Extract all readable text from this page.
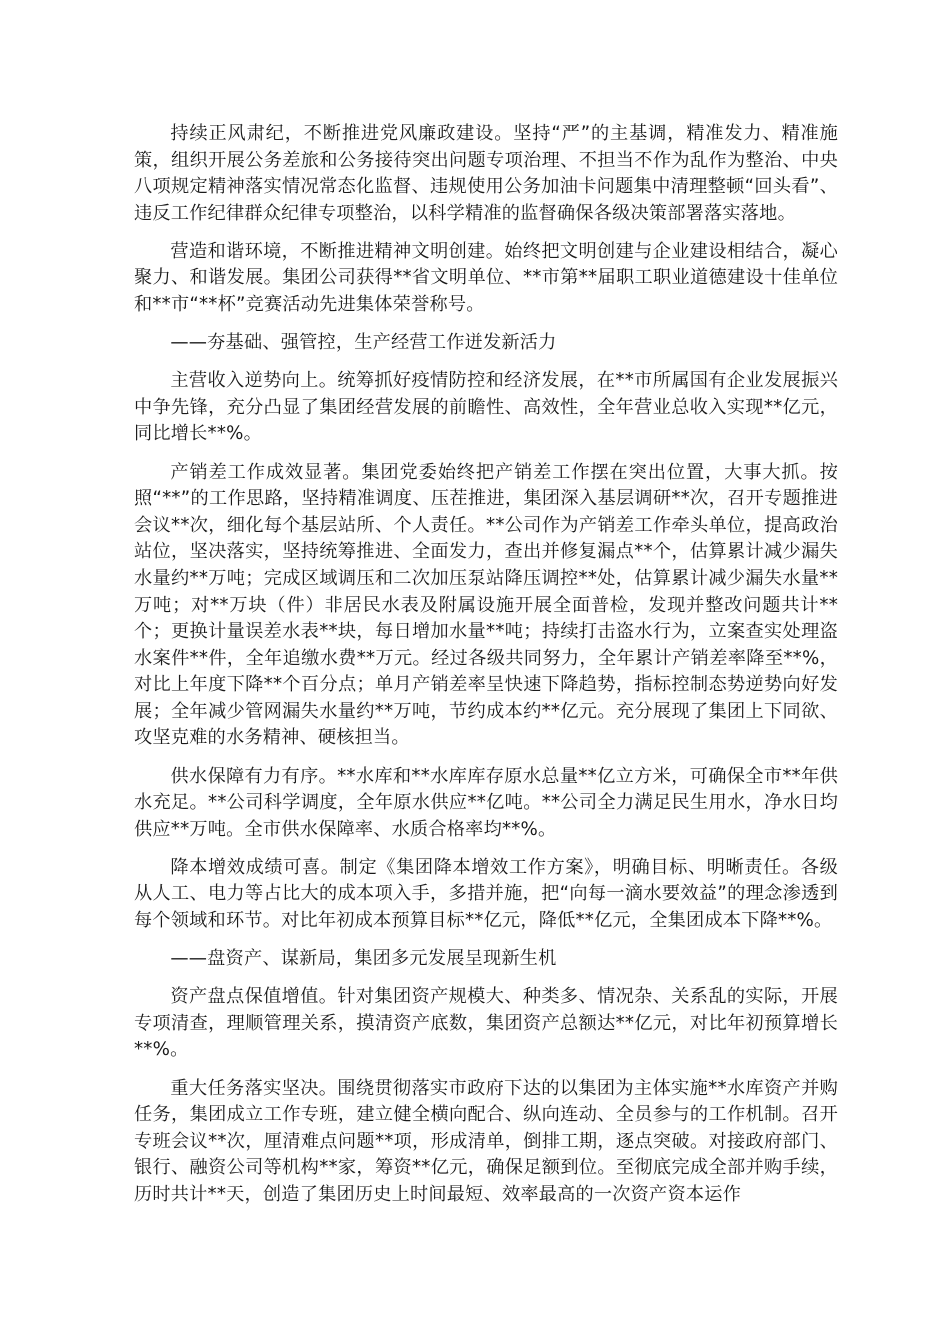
持续正风肃纪，不断推进党风廉政建设。坚持“严”的主基调，精准发力、精准施策，组织开展公务差旅和公务接待突出问题专项治理、不担当不作为乱作为整治、中央八项规定精神落实情况常态化监督、违规使用公务加油卡问题集中清理整顿“回头看”、违反工作纪律群众纪律专项整治，以科学精准的监督确保各级决策部署落实落地。

营造和谐环境，不断推进精神文明创建。始终把文明创建与企业建设相结合，凝心聚力、和谐发展。集团公司获得**省文明单位、**市第**届职工职业道德建设十佳单位和**市“**杯”竞赛活动先进集体荣誉称号。

——夯基础、强管控，生产经营工作迸发新活力

主营收入逆势向上。统筹抓好疫情防控和经济发展，在**市所属国有企业发展振兴中争先锋，充分凸显了集团经营发展的前瞻性、高效性，全年营业总收入实现**亿元，同比增长**%。

产销差工作成效显著。集团党委始终把产销差工作摆在突出位置，大事大抓。按照“**”的工作思路，坚持精准调度、压茬推进，集团深入基层调研**次，召开专题推进会议**次，细化每个基层站所、个人责任。**公司作为产销差工作牵头单位，提高政治站位，坚决落实，坚持统筹推进、全面发力，查出并修复漏点**个，估算累计减少漏失水量约**万吨；完成区域调压和二次加压泵站降压调控**处，估算累计减少漏失水量**万吨；对**万块（件）非居民水表及附属设施开展全面普检，发现并整改问题共计**个；更换计量误差水表**块，每日增加水量**吨；持续打击盗水行为，立案查实处理盗水案件**件，全年追缴水费**万元。经过各级共同努力，全年累计产销差率降至**%，对比上年度下降**个百分点；单月产销差率呈快速下降趋势，指标控制态势逆势向好发展；全年减少管网漏失水量约**万吨，节约成本约**亿元。充分展现了集团上下同欲、攻坚克难的水务精神、硬核担当。

供水保障有力有序。**水库和**水库库存原水总量**亿立方米，可确保全市**年供水充足。**公司科学调度，全年原水供应**亿吨。**公司全力满足民生用水，净水日均供应**万吨。全市供水保障率、水质合格率均**%。

降本增效成绩可喜。制定《集团降本增效工作方案》，明确目标、明晰责任。各级从人工、电力等占比大的成本项入手，多措并施，把“向每一滴水要效益”的理念渗透到每个领域和环节。对比年初成本预算目标**亿元，降低**亿元，全集团成本下降**%。

——盘资产、谋新局，集团多元发展呈现新生机

资产盘点保值增值。针对集团资产规模大、种类多、情况杂、关系乱的实际，开展专项清查，理顺管理关系，摸清资产底数，集团资产总额达**亿元，对比年初预算增长**%。

重大任务落实坚决。围绕贯彻落实市政府下达的以集团为主体实施**水库资产并购任务，集团成立工作专班，建立健全横向配合、纵向连动、全员参与的工作机制。召开专班会议**次，厘清难点问题**项，形成清单，倒排工期，逐点突破。对接政府部门、银行、融资公司等机构**家，筹资**亿元，确保足额到位。至彻底完成全部并购手续，历时共计**天，创造了集团历史上时间最短、效率最高的一次资产资本运作
